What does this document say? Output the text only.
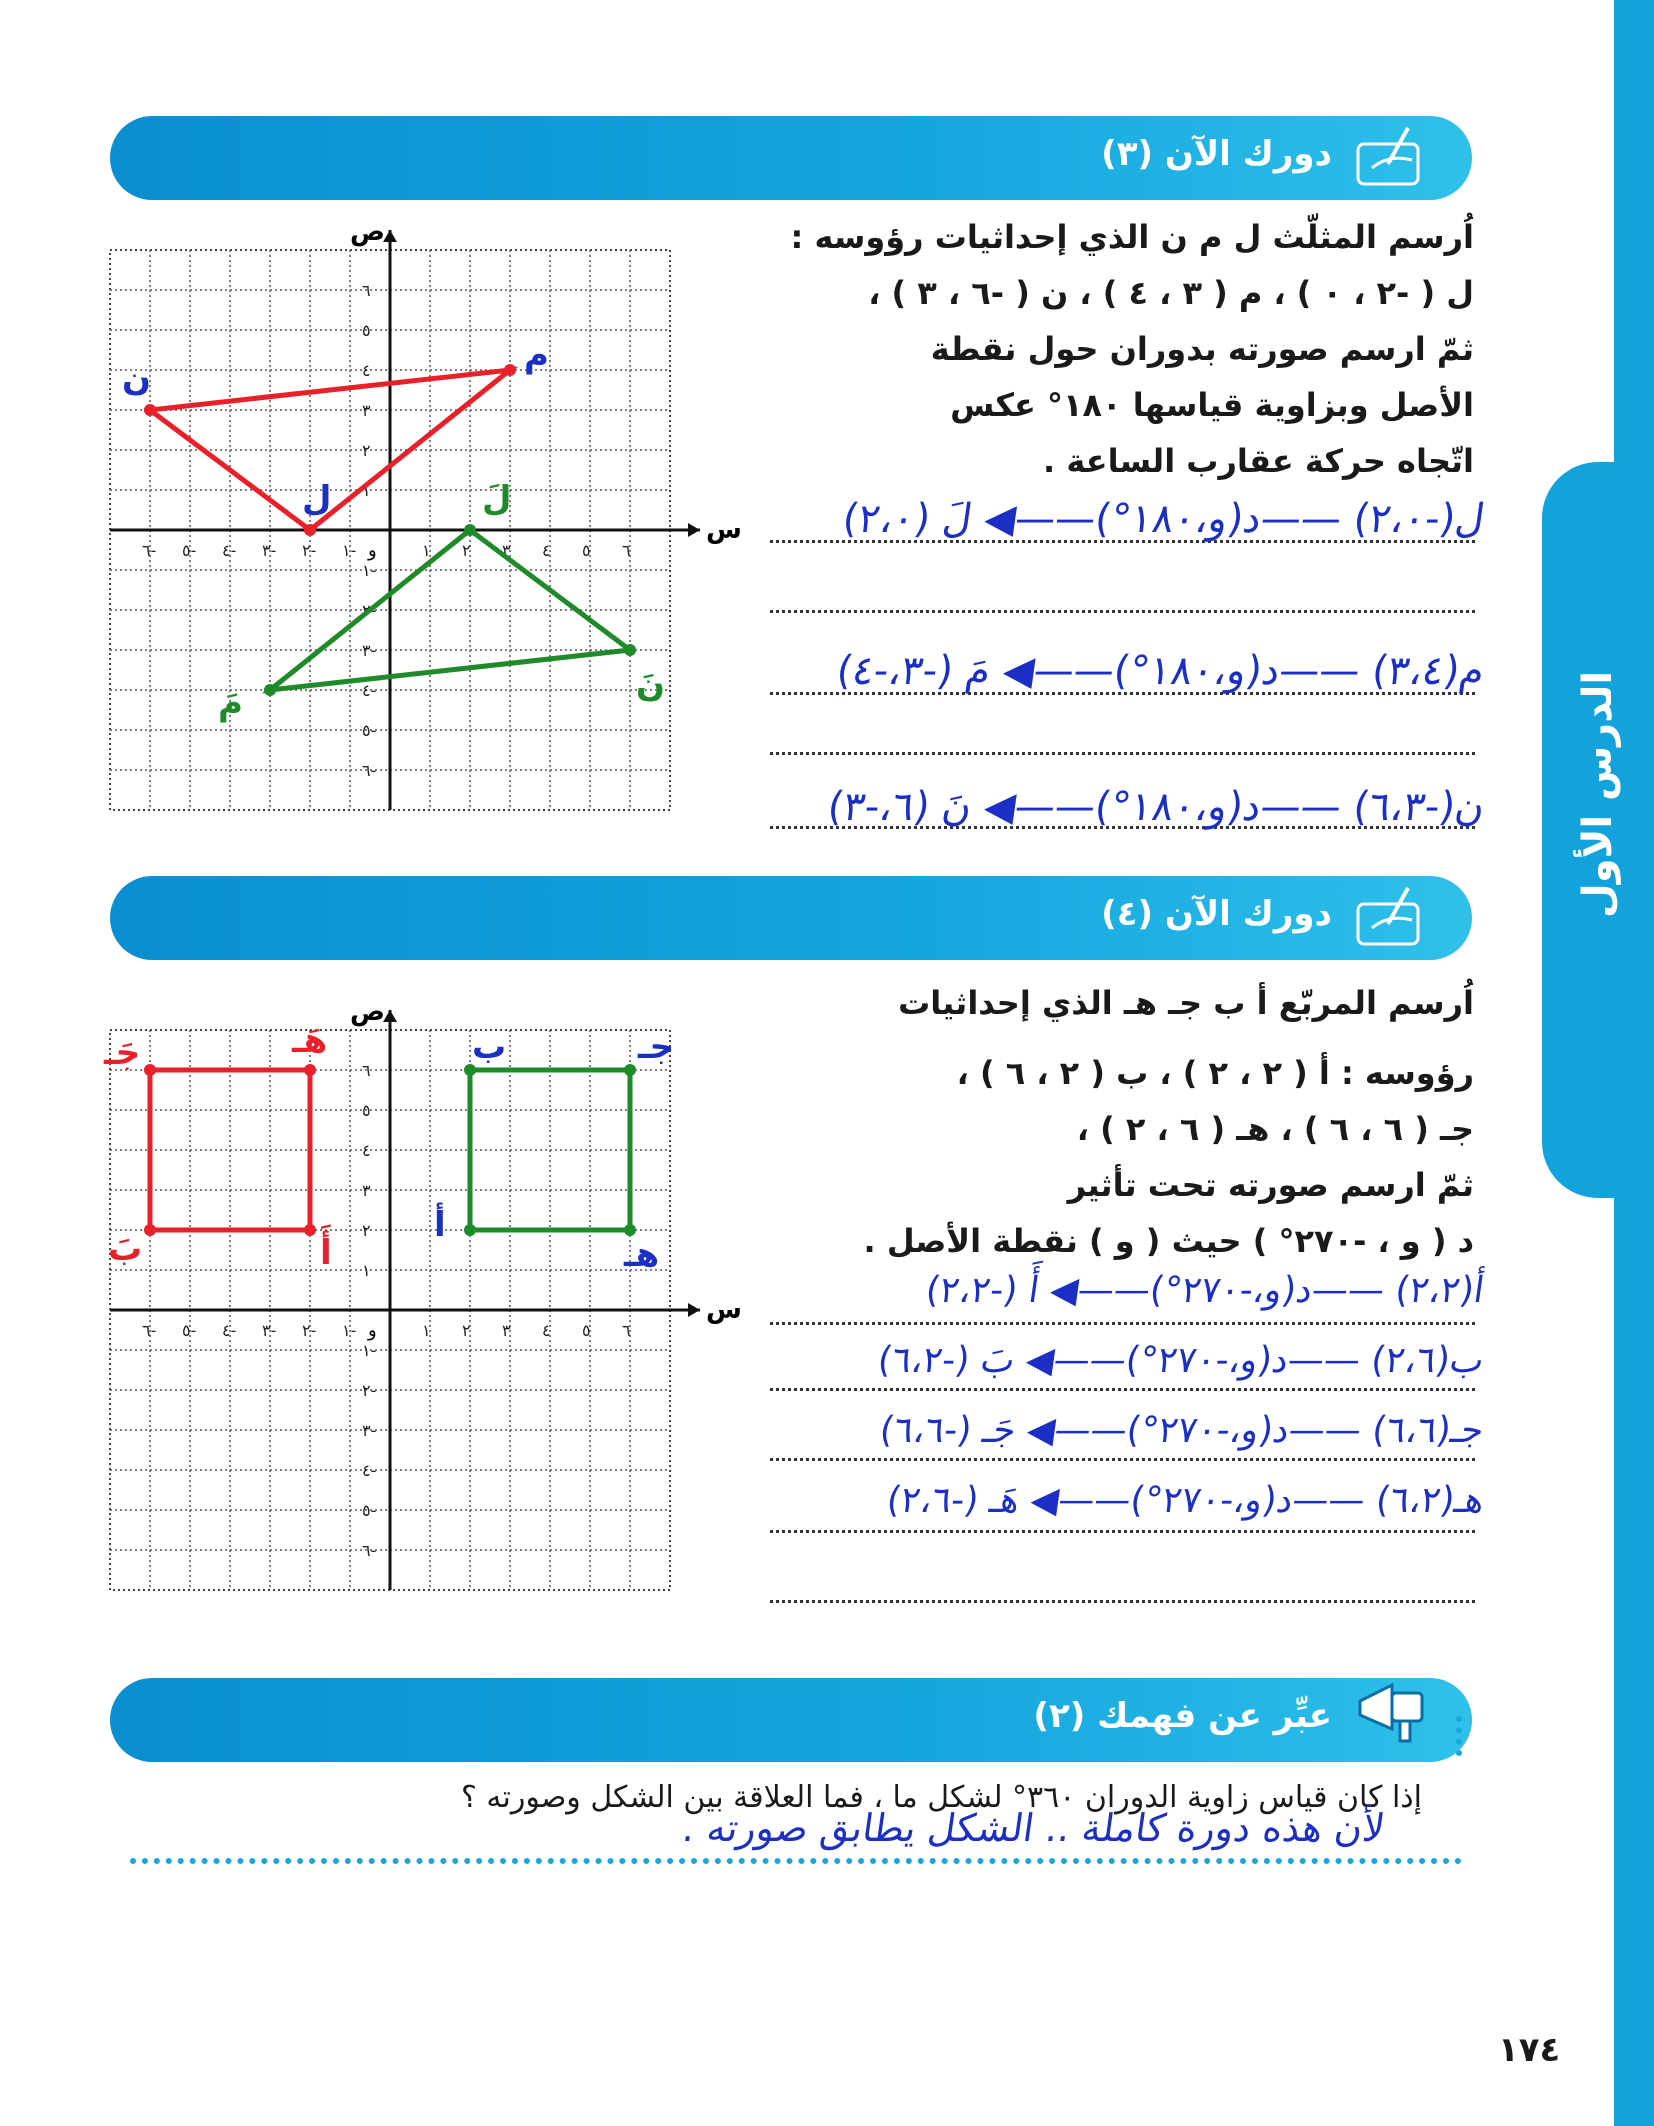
الدرس الأول
دورك الآن (٣)
اُرسم المثلّث ل م ن الذي إحداثيات رؤوسه :
ل ( -٢ ، ٠ ) ، م ( ٣ ، ٤ ) ، ن ( -٦ ، ٣ ) ،
ثمّ ارسم صورته بدوران حول نقطة
الأصل وبزاوية قياسها ١٨٠° عكس
اتّجاه حركة عقارب الساعة .
ل(-٢،٠) ——د(و،١٨٠°)——◀ لَ (٢،٠)
م(٣،٤) ——د(و،١٨٠°)——◀ مَ (-٣،-٤)
ن(-٦،٣) ——د(و،١٨٠°)——◀ نَ (٦،-٣)
س
ص
و
٦-
٦-
٥-
٥-
٤-
٤-
٣-
٣-
٢-
٢-
١-
١-
١
١
٢
٢
٣
٣
٤
٤
٥
٥
٦
٦
ل
م
ن
لَ
مَ	نَ
دورك الآن (٤)
اُرسم المربّع أ ب جـ هـ الذي إحداثيات
رؤوسه : أ ( ٢ ، ٢ ) ، ب ( ٢ ، ٦ ) ،
جـ ( ٦ ، ٦ ) ، هـ ( ٦ ، ٢ ) ،
ثمّ ارسم صورته تحت تأثير
د ( و ، -٢٧٠° ) حيث ( و ) نقطة الأصل .
أ(٢،٢) ——د(و،-٢٧٠°)——◀ أَ (-٢،٢)
ب(٢،٦) ——د(و،-٢٧٠°)——◀ بَ (-٦،٢)
جـ(٦،٦) ——د(و،-٢٧٠°)——◀ جَـ (-٦،٦)
هـ(٦،٢) ——د(و،-٢٧٠°)——◀ هَـ (-٢،٦)
س
ص
و
٦-
٦-
٥-
٥-
٤-
٤-
٣-
٣-
٢-
٢-
١-
١-
١
١
٢
٢
٣
٣
٤
٤
٥
٥
٦
٦
أ
ب	جـ
هـ
أَ
بَ
جَـ	هَـ
عبِّر عن فهمك (٢)
إذا كان قياس زاوية الدوران ٣٦٠° لشكل ما ، فما العلاقة بين الشكل وصورته ؟
لأن هذه دورة كاملة .. الشكل يطابق صورته .
١٧٤
